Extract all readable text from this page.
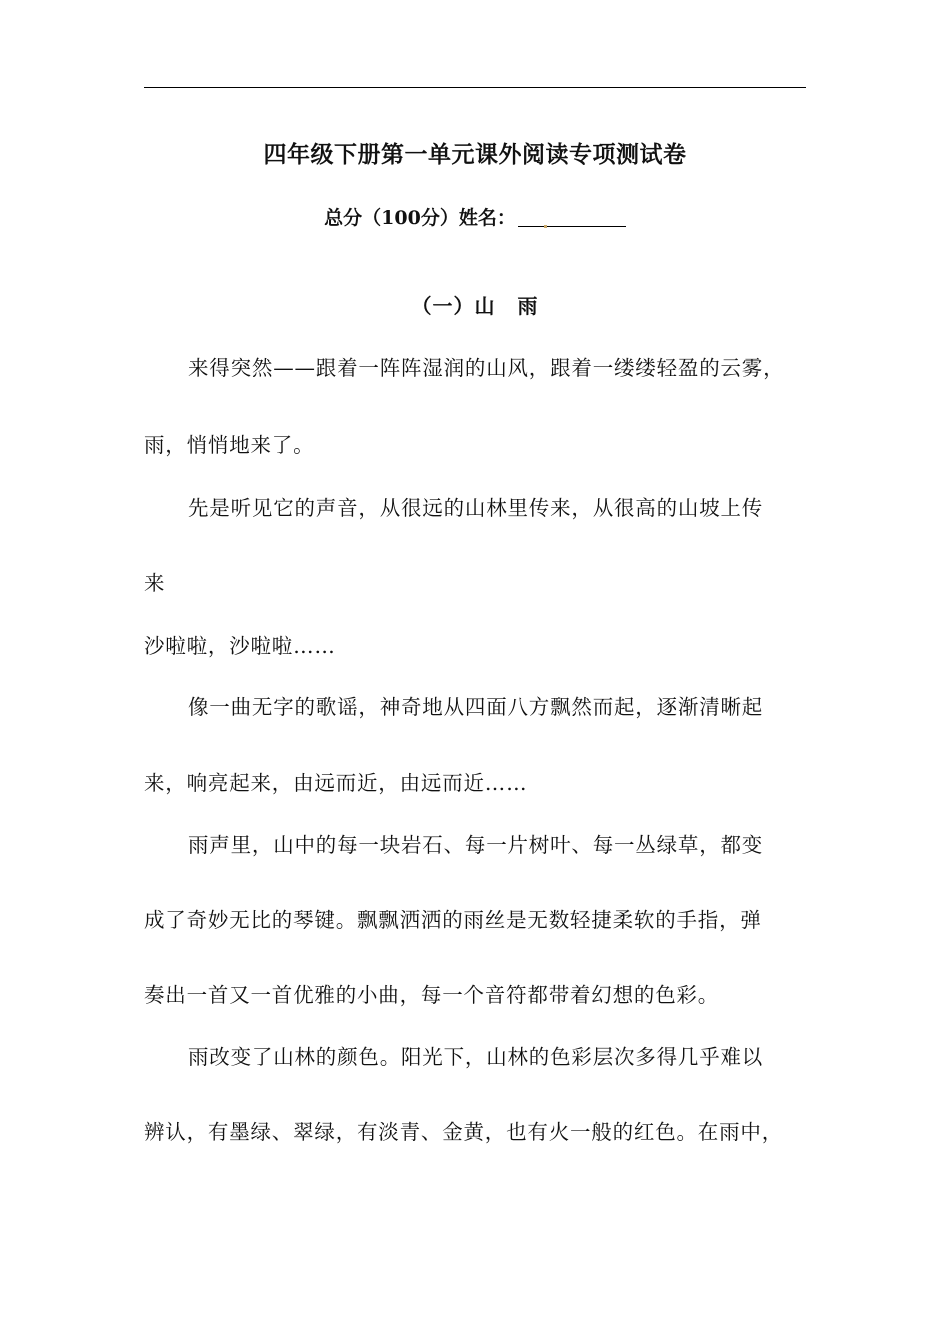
四年级下册第一单元课外阅读专项测试卷
总分（100分）姓名：
（一）山 雨
来得突然——跟着一阵阵湿润的山风，跟着一缕缕轻盈的云雾，
雨，悄悄地来了。
先是听见它的声音，从很远的山林里传来，从很高的山坡上传
来
沙啦啦，沙啦啦……
像一曲无字的歌谣，神奇地从四面八方飘然而起，逐渐清晰起
来，响亮起来，由远而近，由远而近……
雨声里，山中的每一块岩石、每一片树叶、每一丛绿草，都变
成了奇妙无比的琴键。飘飘洒洒的雨丝是无数轻捷柔软的手指，弹
奏出一首又一首优雅的小曲，每一个音符都带着幻想的色彩。
雨改变了山林的颜色。阳光下，山林的色彩层次多得几乎难以
辨认，有墨绿、翠绿，有淡青、金黄，也有火一般的红色。在雨中，
